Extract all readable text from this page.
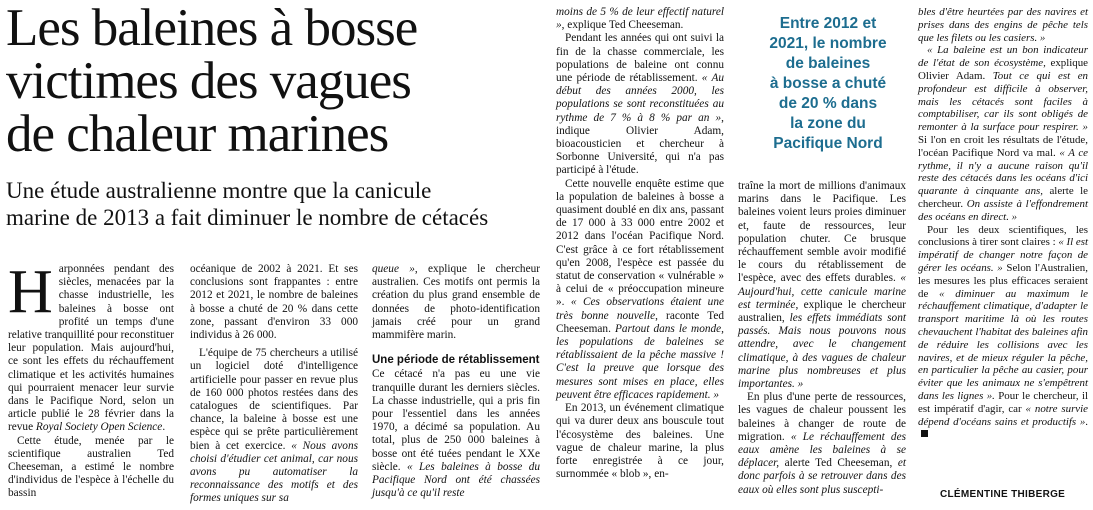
Les baleines à bosse
victimes des vagues
de chaleur marines
Une étude australienne montre que la canicule
marine de 2013 a fait diminuer le nombre de cétacés

Harponnées pendant des siècles, menacées par la chasse industrielle, les baleines à bosse ont profité un temps d'une relative tranquillité pour reconstituer leur population. Mais aujourd'hui, ce sont les effets du réchauffement climatique et les activités humaines qui pourraient menacer leur survie dans le Pacifique Nord, selon un article publié le 28 février dans la revue Royal Society Open Science.

Cette étude, menée par le scientifique australien Ted Cheeseman, a estimé le nombre d'individus de l'espèce à l'échelle du bassin

océanique de 2002 à 2021. Et ses conclusions sont frappantes : entre 2012 et 2021, le nombre de baleines à bosse a chuté de 20 % dans cette zone, passant d'environ 33 000 individus à 26 000.

L'équipe de 75 chercheurs a utilisé un logiciel doté d'intelligence artificielle pour passer en revue plus de 160 000 photos restées dans des catalogues de scientifiques. Par chance, la baleine à bosse est une espèce qui se prête particulièrement bien à cet exercice. « Nous avons choisi d'étudier cet animal, car nous avons pu automatiser la reconnaissance des motifs et des formes uniques sur sa

queue », explique le chercheur australien. Ces motifs ont permis la création du plus grand ensemble de données de photo-identification jamais créé pour un grand mammifère marin.

Une période de rétablissement

Ce cétacé n'a pas eu une vie tranquille durant les derniers siècles. La chasse industrielle, qui a pris fin pour l'essentiel dans les années 1970, a décimé sa population. Au total, plus de 250 000 baleines à bosse ont été tuées pendant le XXe siècle. « Les baleines à bosse du Pacifique Nord ont été chassées jusqu'à ce qu'il reste

moins de 5 % de leur effectif naturel », explique Ted Cheeseman.

Pendant les années qui ont suivi la fin de la chasse commerciale, les populations de baleine ont connu une période de rétablissement. « Au début des années 2000, les populations se sont reconstituées au rythme de 7 % à 8 % par an », indique Olivier Adam, bioacousticien et chercheur à Sorbonne Université, qui n'a pas participé à l'étude.

Cette nouvelle enquête estime que la population de baleines à bosse a quasiment doublé en dix ans, passant de 17 000 à 33 000 entre 2002 et 2012 dans l'océan Pacifique Nord. C'est grâce à ce fort rétablissement qu'en 2008, l'espèce est passée du statut de conservation « vulnérable » à celui de « préoccupation mineure ». « Ces observations étaient une très bonne nouvelle, raconte Ted Cheeseman. Partout dans le monde, les populations de baleines se rétablissaient de la pêche massive ! C'est la preuve que lorsque des mesures sont mises en place, elles peuvent être efficaces rapidement. »

En 2013, un événement climatique qui va durer deux ans bouscule tout l'écosystème des baleines. Une vague de chaleur marine, la plus forte enregistrée à ce jour, surnommée « blob », en-

Entre 2012 et
2021, le nombre
de baleines
à bosse a chuté
de 20 % dans
la zone du
Pacifique Nord

traîne la mort de millions d'animaux marins dans le Pacifique. Les baleines voient leurs proies diminuer et, faute de ressources, leur population chuter. Ce brusque réchauffement semble avoir modifié le cours du rétablissement de l'espèce, avec des effets durables. « Aujourd'hui, cette canicule marine est terminée, explique le chercheur australien, les effets immédiats sont passés. Mais nous pouvons nous attendre, avec le changement climatique, à des vagues de chaleur marine plus nombreuses et plus importantes. »

En plus d'une perte de ressources, les vagues de chaleur poussent les baleines à changer de route de migration. « Le réchauffement des eaux amène les baleines à se déplacer, alerte Ted Cheeseman, et donc parfois à se retrouver dans des eaux où elles sont plus suscepti-

bles d'être heurtées par des navires et prises dans des engins de pêche tels que les filets ou les casiers. »

« La baleine est un bon indicateur de l'état de son écosystème, explique Olivier Adam. Tout ce qui est en profondeur est difficile à observer, mais les cétacés sont faciles à comptabiliser, car ils sont obligés de remonter à la surface pour respirer. » Si l'on en croit les résultats de l'étude, l'océan Pacifique Nord va mal. « A ce rythme, il n'y a aucune raison qu'il reste des cétacés dans les océans d'ici quarante à cinquante ans, alerte le chercheur. On assiste à l'effondrement des océans en direct. »

Pour les deux scientifiques, les conclusions à tirer sont claires : « Il est impératif de changer notre façon de gérer les océans. » Selon l'Australien, les mesures les plus efficaces seraient de « diminuer au maximum le réchauffement climatique, d'adapter le transport maritime là où les routes chevauchent l'habitat des baleines afin de réduire les collisions avec les navires, et de mieux réguler la pêche, en particulier la pêche au casier, pour éviter que les animaux ne s'empêtrent dans les lignes ». Pour le chercheur, il est impératif d'agir, car « notre survie dépend d'océans sains et productifs ».

CLÉMENTINE THIBERGE
